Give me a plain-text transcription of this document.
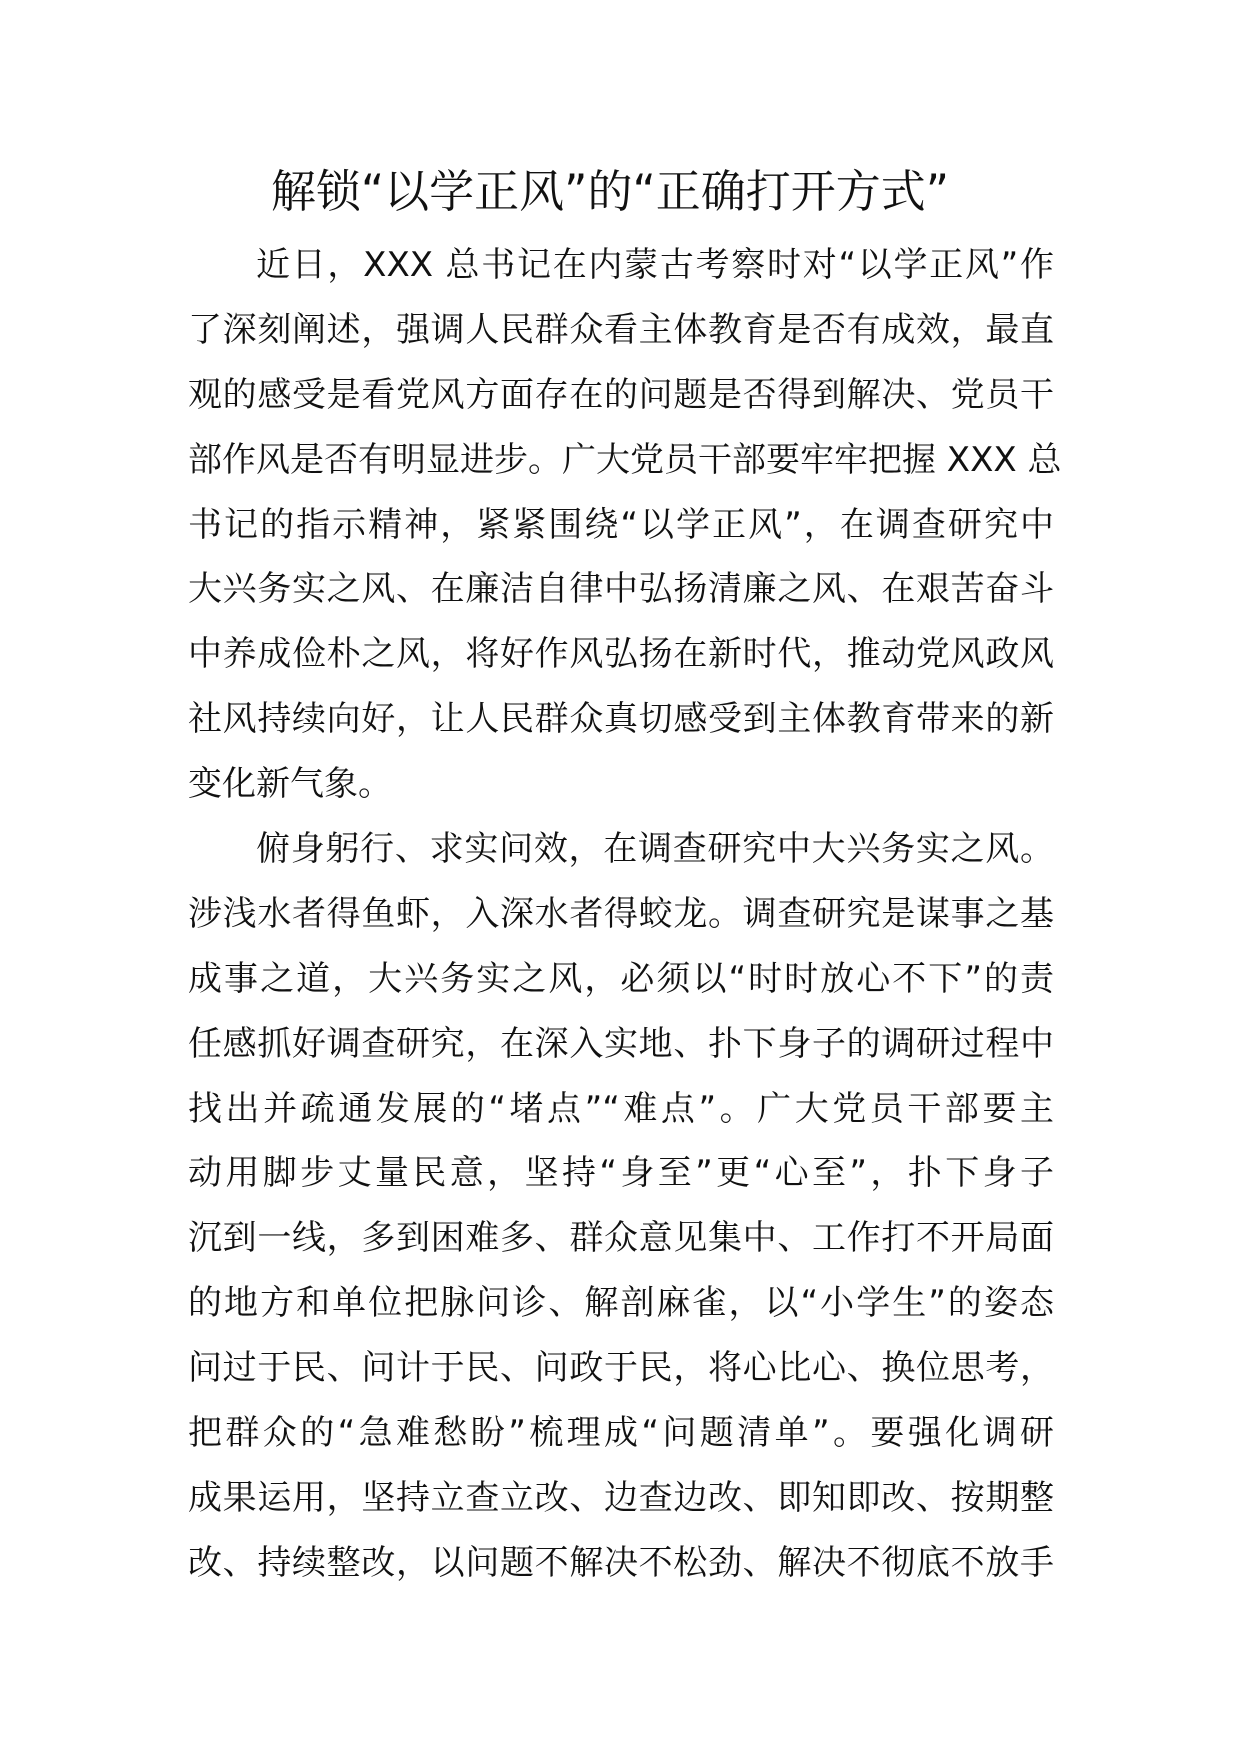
解锁“以学正风”的“正确打开方式”
近日，XXX 总书记在内蒙古考察时对“以学正风”作
了深刻阐述，强调人民群众看主体教育是否有成效，最直
观的感受是看党风方面存在的问题是否得到解决、党员干
部作风是否有明显进步。广大党员干部要牢牢把握 XXX 总
书记的指示精神，紧紧围绕“以学正风”，在调查研究中
大兴务实之风、在廉洁自律中弘扬清廉之风、在艰苦奋斗
中养成俭朴之风，将好作风弘扬在新时代，推动党风政风
社风持续向好，让人民群众真切感受到主体教育带来的新
变化新气象。
俯身躬行、求实问效，在调查研究中大兴务实之风。
涉浅水者得鱼虾，入深水者得蛟龙。调查研究是谋事之基
成事之道，大兴务实之风，必须以“时时放心不下”的责
任感抓好调查研究，在深入实地、扑下身子的调研过程中
找出并疏通发展的“堵点”“难点”。广大党员干部要主
动用脚步丈量民意，坚持“身至”更“心至”，扑下身子
沉到一线，多到困难多、群众意见集中、工作打不开局面
的地方和单位把脉问诊、解剖麻雀，以“小学生”的姿态
问过于民、问计于民、问政于民，将心比心、换位思考，
把群众的“急难愁盼”梳理成“问题清单”。要强化调研
成果运用，坚持立查立改、边查边改、即知即改、按期整
改、持续整改，以问题不解决不松劲、解决不彻底不放手
